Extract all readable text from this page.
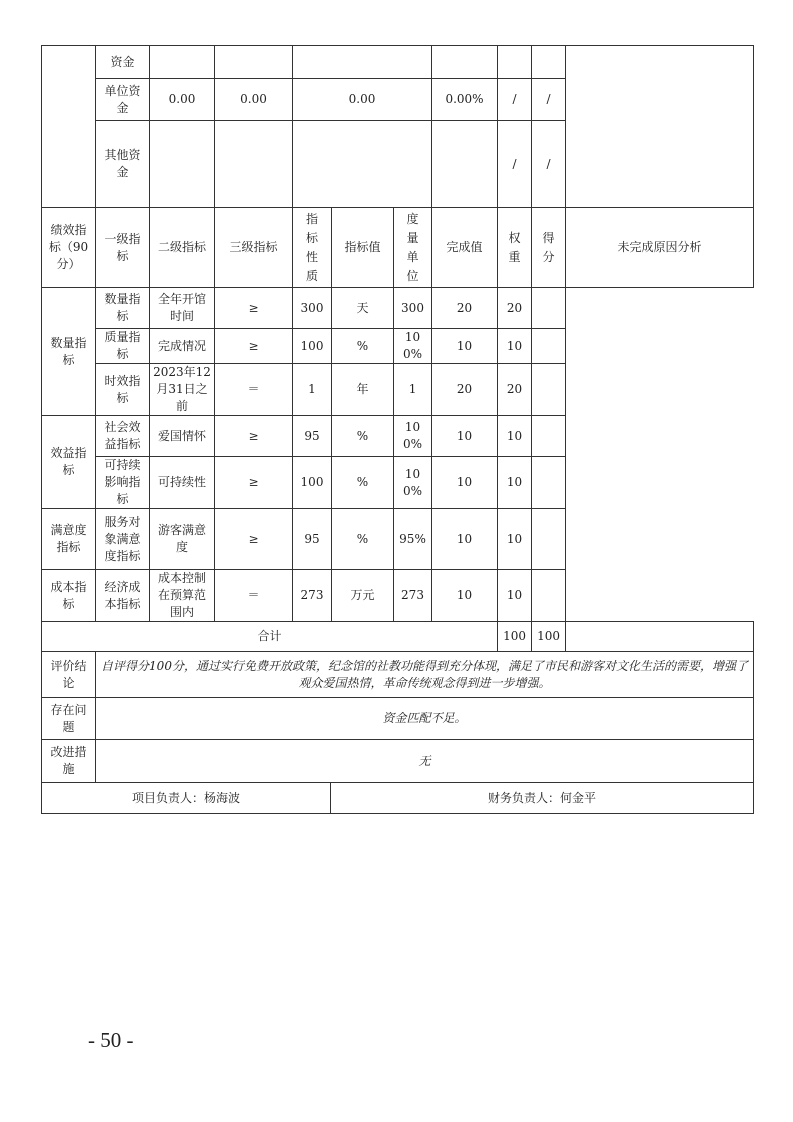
	资金									
	单位资金	0.00	0.00	0.00			0.00%	/	/	
	其他资金							/	/	
绩效指标（90分）	一级指标	二级指标	三级指标	指标性质	指标值	度量单位	完成值	权重	得分	未完成原因分析
数量指标	数量指标	全年开馆时间	≥	300	天	300	20	20		
	质量指标	完成情况	≥	100	%	100%	10	10		
	时效指标	2023年12月31日之前	＝	1	年	1	20	20		
效益指标	社会效益指标	爱国情怀	≥	95	%	100%	10	10		
	可持续影响指标	可持续性	≥	100	%	100%	10	10		
满意度指标	服务对象满意度指标	游客满意度	≥	95	%	95%	10	10		
成本指标	经济成本指标	成本控制在预算范围内	＝	273	万元	273	10	10		
合计			100	100	
评价结论	自评得分100分，通过实行免费开放政策，纪念馆的社教功能得到充分体现，满足了市民和游客对文化生活的需要，增强了观众爱国热情，革命传统观念得到进一步增强。				
存在问题	资金匹配不足。				
改进措施	无				
项目负责人：杨海波		财务负责人：何金平			
- 50 -
